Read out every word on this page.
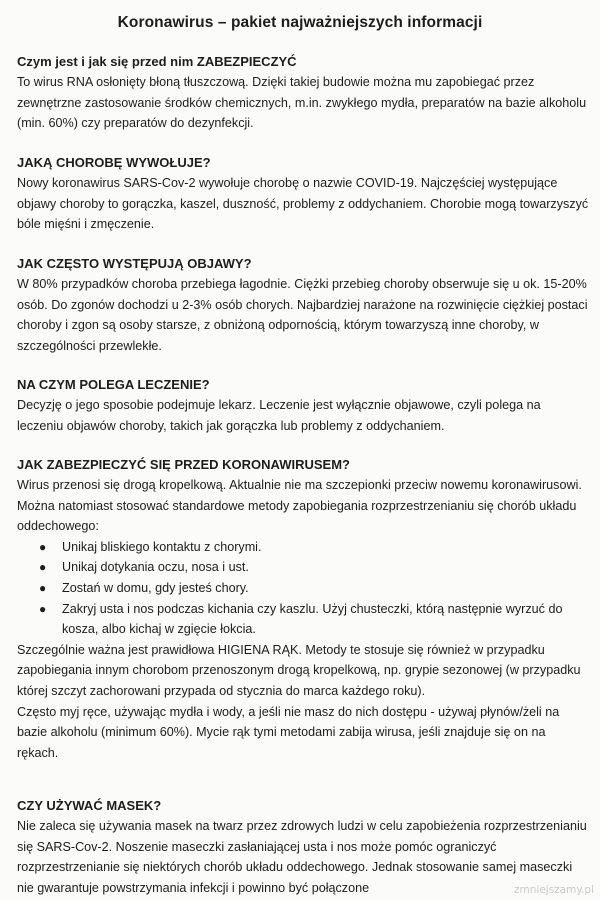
Koronawirus – pakiet najważniejszych informacji
Czym jest i jak się przed nim ZABEZPIECZYĆ

To wirus RNA osłonięty błoną tłuszczową. Dzięki takiej budowie można mu zapobiegać przez zewnętrzne zastosowanie środków chemicznych, m.in. zwykłego mydła, preparatów na bazie alkoholu (min. 60%) czy preparatów do dezynfekcji.

JAKĄ CHOROBĘ WYWOŁUJE?

Nowy koronawirus SARS-Cov-2 wywołuje chorobę o nazwie COVID-19. Najczęściej występujące objawy choroby to gorączka, kaszel, duszność, problemy z oddychaniem. Chorobie mogą towarzyszyć bóle mięśni i zmęczenie.

JAK CZĘSTO WYSTĘPUJĄ OBJAWY?

W 80% przypadków choroba przebiega łagodnie. Ciężki przebieg choroby obserwuje się u ok. 15-20% osób. Do zgonów dochodzi u 2-3% osób chorych. Najbardziej narażone na rozwinięcie ciężkiej postaci choroby i zgon są osoby starsze, z obniżoną odpornością, którym towarzyszą inne choroby, w szczególności przewlekłe.

NA CZYM POLEGA LECZENIE?

Decyzję o jego sposobie podejmuje lekarz. Leczenie jest wyłącznie objawowe, czyli polega na leczeniu objawów choroby, takich jak gorączka lub problemy z oddychaniem.

JAK ZABEZPIECZYĆ SIĘ PRZED KORONAWIRUSEM?

Wirus przenosi się drogą kropelkową. Aktualnie nie ma szczepionki przeciw nowemu koronawirusowi. Można natomiast stosować standardowe metody zapobiegania rozprzestrzenianiu się chorób układu oddechowego:

● Unikaj bliskiego kontaktu z chorymi.
● Unikaj dotykania oczu, nosa i ust.
● Zostań w domu, gdy jesteś chory.
● Zakryj usta i nos podczas kichania czy kaszlu. Użyj chusteczki, którą następnie wyrzuć do kosza, albo kichaj w zgięcie łokcia.

Szczególnie ważna jest prawidłowa HIGIENA RĄK. Metody te stosuje się również w przypadku zapobiegania innym chorobom przenoszonym drogą kropelkową, np. grypie sezonowej (w przypadku której szczyt zachorowani przypada od stycznia do marca każdego roku).

Często myj ręce, używając mydła i wody, a jeśli nie masz do nich dostępu - używaj płynów/żeli na bazie alkoholu (minimum 60%). Mycie rąk tymi metodami zabija wirusa, jeśli znajduje się on na rękach.

CZY UŻYWAĆ MASEK?

Nie zaleca się używania masek na twarz przez zdrowych ludzi w celu zapobieżenia rozprzestrzenianiu się SARS-Cov-2. Noszenie maseczki zasłaniającej usta i nos może pomóc ograniczyć rozprzestrzenianie się niektórych chorób układu oddechowego. Jednak stosowanie samej maseczki nie gwarantuje powstrzymania infekcji i powinno być połączone	zmniejszamy.pl
